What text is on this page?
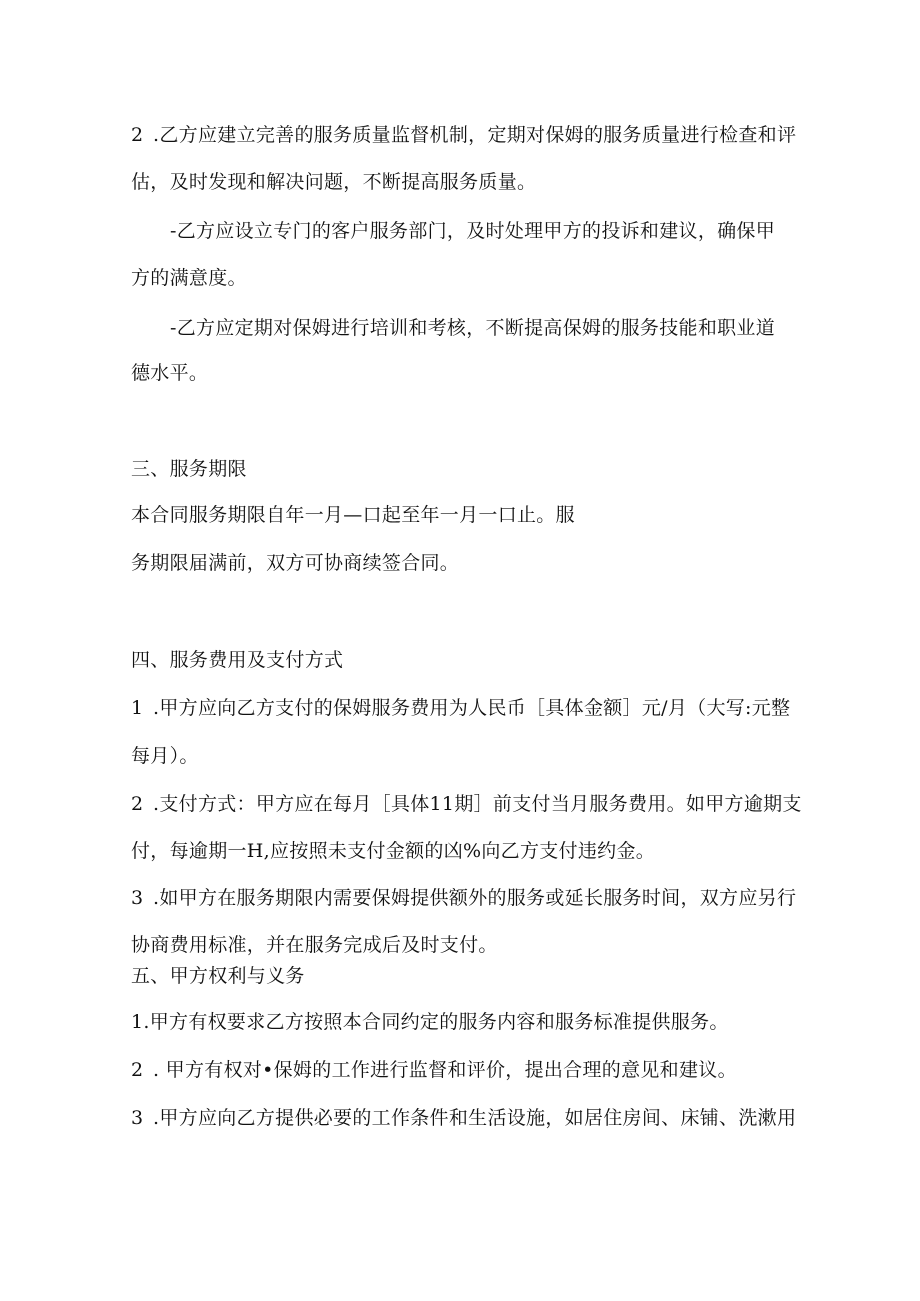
2 .乙方应建立完善的服务质量监督机制，定期对保姆的服务质量进行检查和评
估，及时发现和解决问题，不断提高服务质量。
-乙方应设立专门的客户服务部门，及时处理甲方的投诉和建议，确保甲
方的满意度。
-乙方应定期对保姆进行培训和考核，不断提高保姆的服务技能和职业道
德水平。
三、服务期限
本合同服务期限自年一月—口起至年一月一口止。服
务期限届满前，双方可协商续签合同。
四、服务费用及支付方式
1 .甲方应向乙方支付的保姆服务费用为人民币［具体金额］元/月（大写:元整
每月）。
2 .支付方式：甲方应在每月［具体11期］前支付当月服务费用。如甲方逾期支
付，每逾期一H,应按照未支付金额的凶%向乙方支付违约金。
3 .如甲方在服务期限内需要保姆提供额外的服务或延长服务时间，双方应另行
协商费用标准，并在服务完成后及时支付。
五、甲方权利与义务
1.甲方有权要求乙方按照本合同约定的服务内容和服务标准提供服务。
2 . 甲方有权对•保姆的工作进行监督和评价，提出合理的意见和建议。
3 .甲方应向乙方提供必要的工作条件和生活设施，如居住房间、床铺、洗漱用
